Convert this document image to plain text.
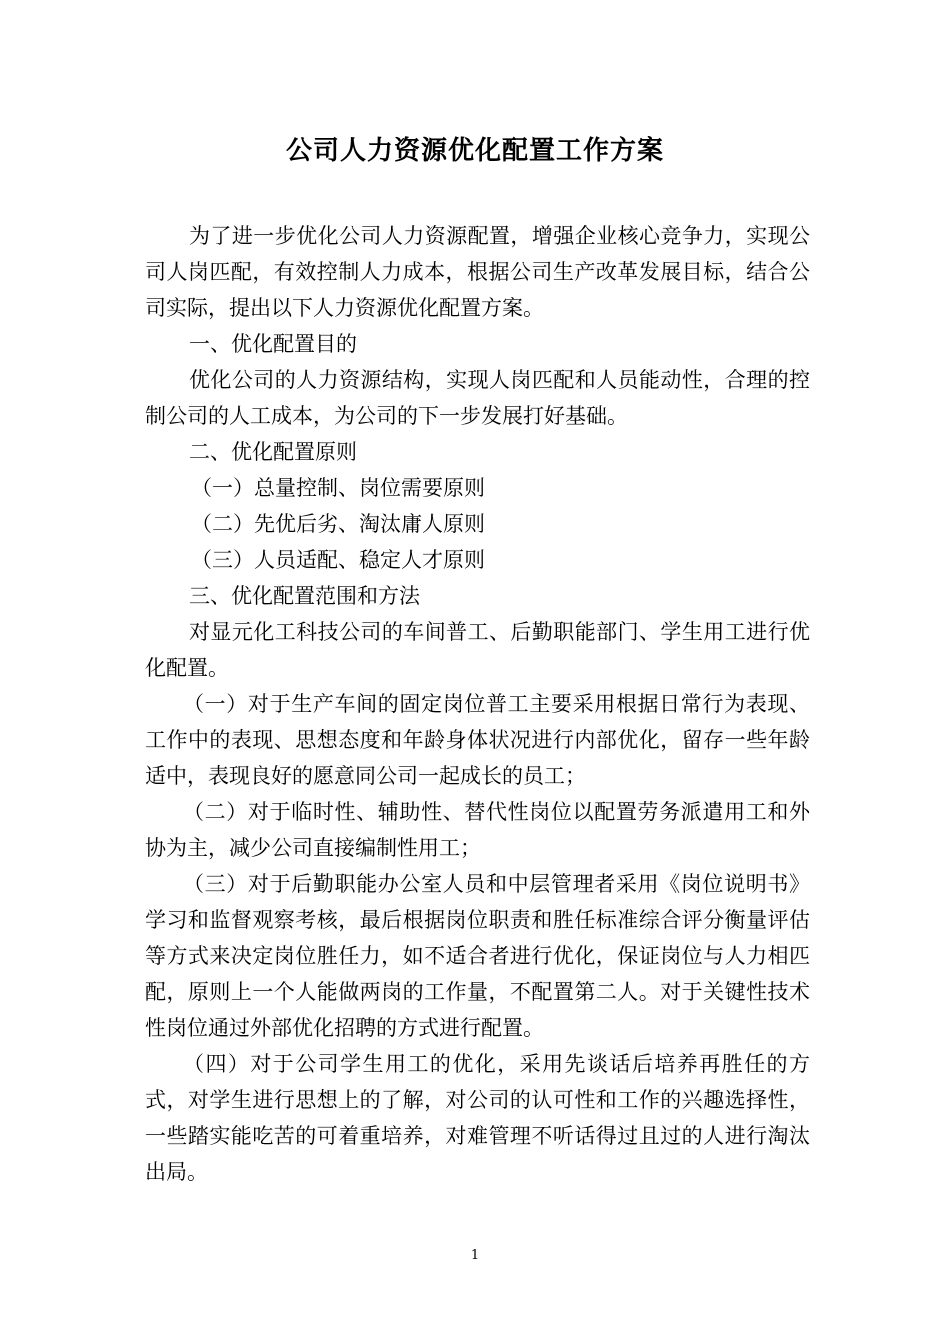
公司人力资源优化配置工作方案

为了进一步优化公司人力资源配置，增强企业核心竞争力，实现公司人岗匹配，有效控制人力成本，根据公司生产改革发展目标，结合公司实际，提出以下人力资源优化配置方案。

一、优化配置目的

优化公司的人力资源结构，实现人岗匹配和人员能动性，合理的控制公司的人工成本，为公司的下一步发展打好基础。

二、优化配置原则

（一）总量控制、岗位需要原则

（二）先优后劣、淘汰庸人原则

（三）人员适配、稳定人才原则

三、优化配置范围和方法

对显元化工科技公司的车间普工、后勤职能部门、学生用工进行优化配置。

（一）对于生产车间的固定岗位普工主要采用根据日常行为表现、工作中的表现、思想态度和年龄身体状况进行内部优化，留存一些年龄适中，表现良好的愿意同公司一起成长的员工；

（二）对于临时性、辅助性、替代性岗位以配置劳务派遣用工和外协为主，减少公司直接编制性用工；

（三）对于后勤职能办公室人员和中层管理者采用《岗位说明书》学习和监督观察考核，最后根据岗位职责和胜任标准综合评分衡量评估等方式来决定岗位胜任力，如不适合者进行优化，保证岗位与人力相匹配，原则上一个人能做两岗的工作量，不配置第二人。对于关键性技术性岗位通过外部优化招聘的方式进行配置。

（四）对于公司学生用工的优化，采用先谈话后培养再胜任的方式，对学生进行思想上的了解，对公司的认可性和工作的兴趣选择性，一些踏实能吃苦的可着重培养，对难管理不听话得过且过的人进行淘汰出局。

1
